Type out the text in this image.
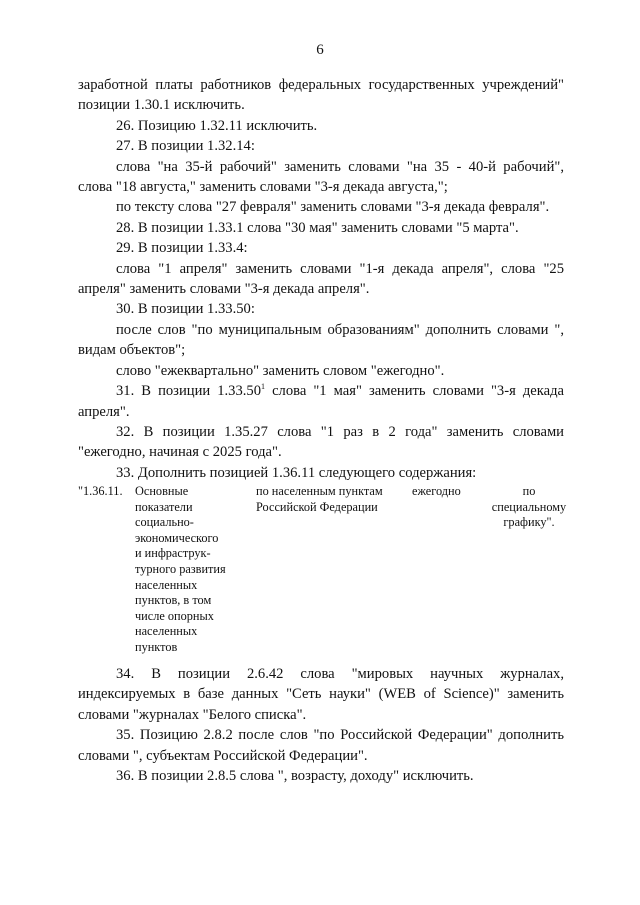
6

заработной платы работников федеральных государственных учреждений"

позиции 1.30.1 исключить.

26. Позицию 1.32.11 исключить.

27. В позиции 1.32.14:

слова "на 35-й рабочий" заменить словами "на 35 - 40-й рабочий",

слова "18 августа," заменить словами "3-я декада августа,";

по тексту слова "27 февраля" заменить словами "3-я декада февраля".

28. В позиции 1.33.1 слова "30 мая" заменить словами "5 марта".

29. В позиции 1.33.4:

слова "1 апреля" заменить словами "1-я декада апреля", слова "25 апреля" заменить словами "3-я декада апреля".

30. В позиции 1.33.50:

после слов "по муниципальным образованиям" дополнить словами ", видам объектов";

слово "ежеквартально" заменить словом "ежегодно".

31. В позиции 1.33.50$^1$ слова "1 мая" заменить словами "3-я декада апреля".

32. В позиции 1.35.27 слова "1 раз в 2 года" заменить словами "ежегодно, начиная с 2025 года".

33. Дополнить позицией 1.36.11 следующего содержания:

"1.36.11.	Основные
показатели
социально-
экономического
и инфраструк-
турного развития
населенных
пунктов, в том
числе опорных
населенных
пунктов
по населенным пунктам
Российской Федерации
ежегодно	по
специальному
графику".

34. В позиции 2.6.42 слова "мировых научных журналах, индексируемых в базе данных "Сеть науки" (WEB of Science)" заменить словами "журналах "Белого списка".

35. Позицию 2.8.2 после слов "по Российской Федерации" дополнить словами ", субъектам Российской Федерации".

36. В позиции 2.8.5 слова ", возрасту, доходу" исключить.
